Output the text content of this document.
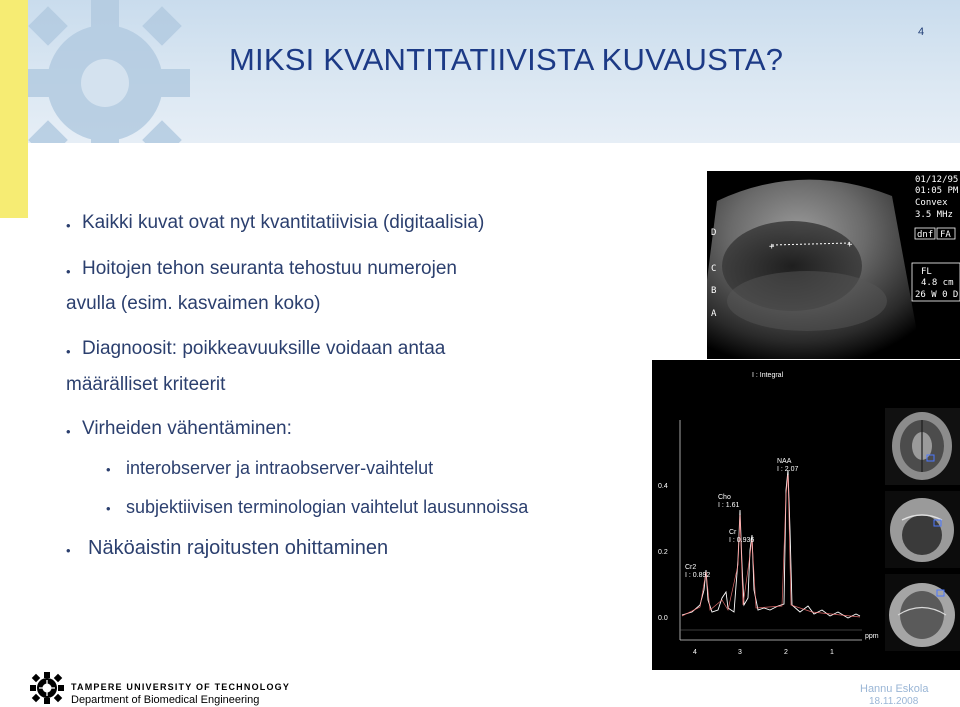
4
MIKSI KVANTITATIIVISTA KUVAUSTA?
• Kaikki kuvat ovat nyt kvantitatiivisia (digitaalisia)
• Hoitojen tehon seuranta tehostuu numerojen
avulla (esim. kasvaimen koko)
• Diagnoosit: poikkeavuuksille voidaan antaa
määrälliset kriteerit
• Virheiden vähentäminen:
• interobserver ja intraobserver-vaihtelut
• subjektiivisen terminologian vaihtelut lausunnoissa
• Näköaistin rajoitusten ohittaminen
+	+
D
C
B
A
01/12/95
01:05 PM
Convex
3.5 MHz
dnf FA
FL
4.8 cm
26 W 0 D
I : Integral
0.4
0.2
0.0
4	3	2	1
ppm
NAA
I : 2.07
Cho
I : 1.61
Cr
I : 0.936
Cr2
I : 0.892
TAMPERE UNIVERSITY OF TECHNOLOGY
Department of Biomedical Engineering
Hannu Eskola
18.11.2008
